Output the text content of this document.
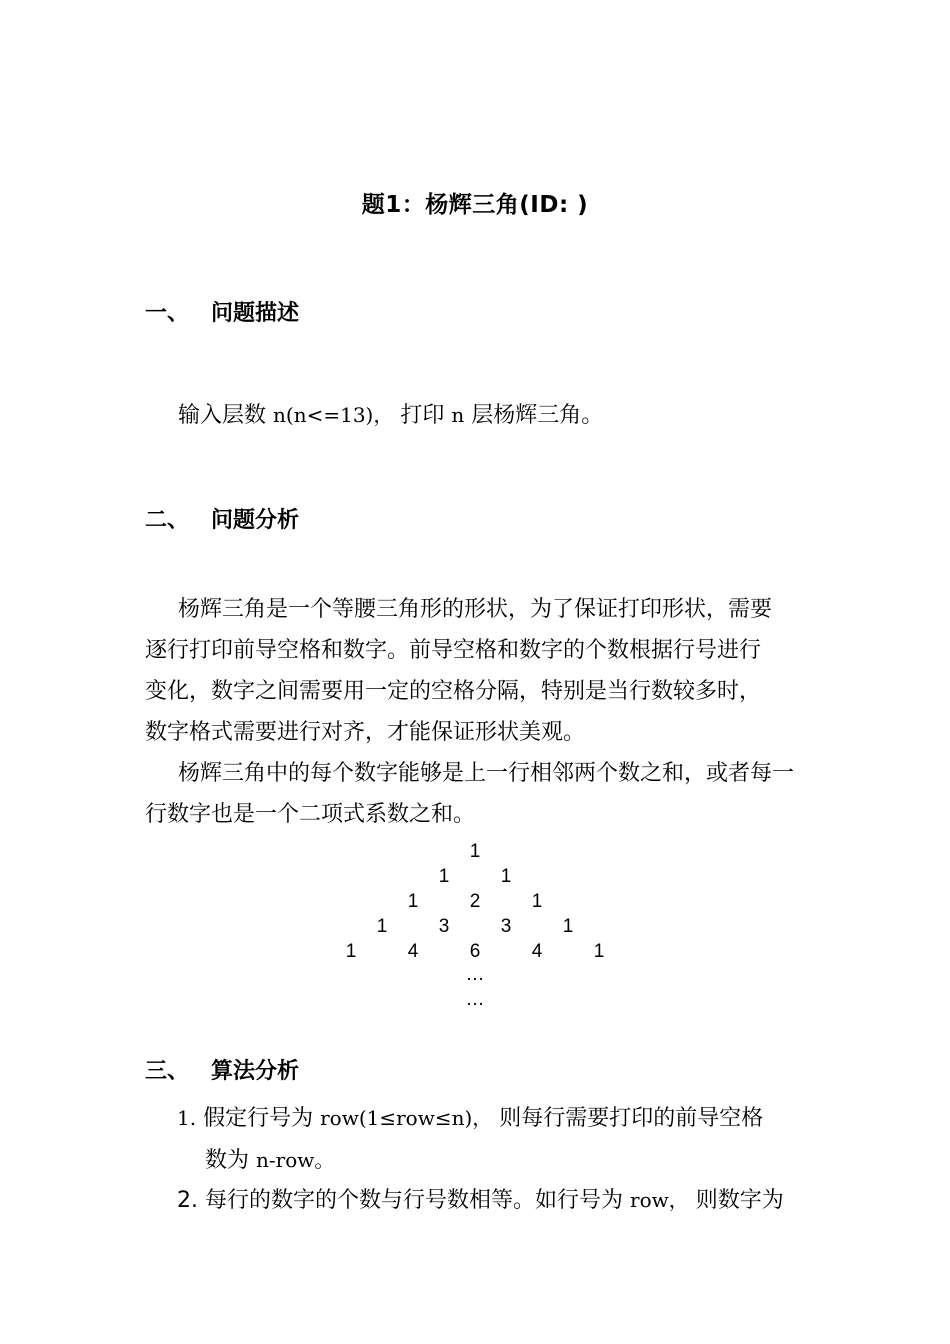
题1：杨辉三角(ID: )
一、 问题描述
输入层数 n(n<=13)， 打印 n 层杨辉三角。
二、 问题分析
杨辉三角是一个等腰三角形的形状，为了保证打印形状，需要
逐行打印前导空格和数字。前导空格和数字的个数根据行号进行
变化，数字之间需要用一定的空格分隔，特别是当行数较多时，
数字格式需要进行对齐，才能保证形状美观。
杨辉三角中的每个数字能够是上一行相邻两个数之和，或者每一
行数字也是一个二项式系数之和。
1
1	1
1	2	1
1	3	3	1
1	4	6	4	1
…
…
三、 算法分析
1. 假定行号为 row(1≤row≤n)， 则每行需要打印的前导空格
数为 n-row。
2. 每行的数字的个数与行号数相等。如行号为 row， 则数字为
